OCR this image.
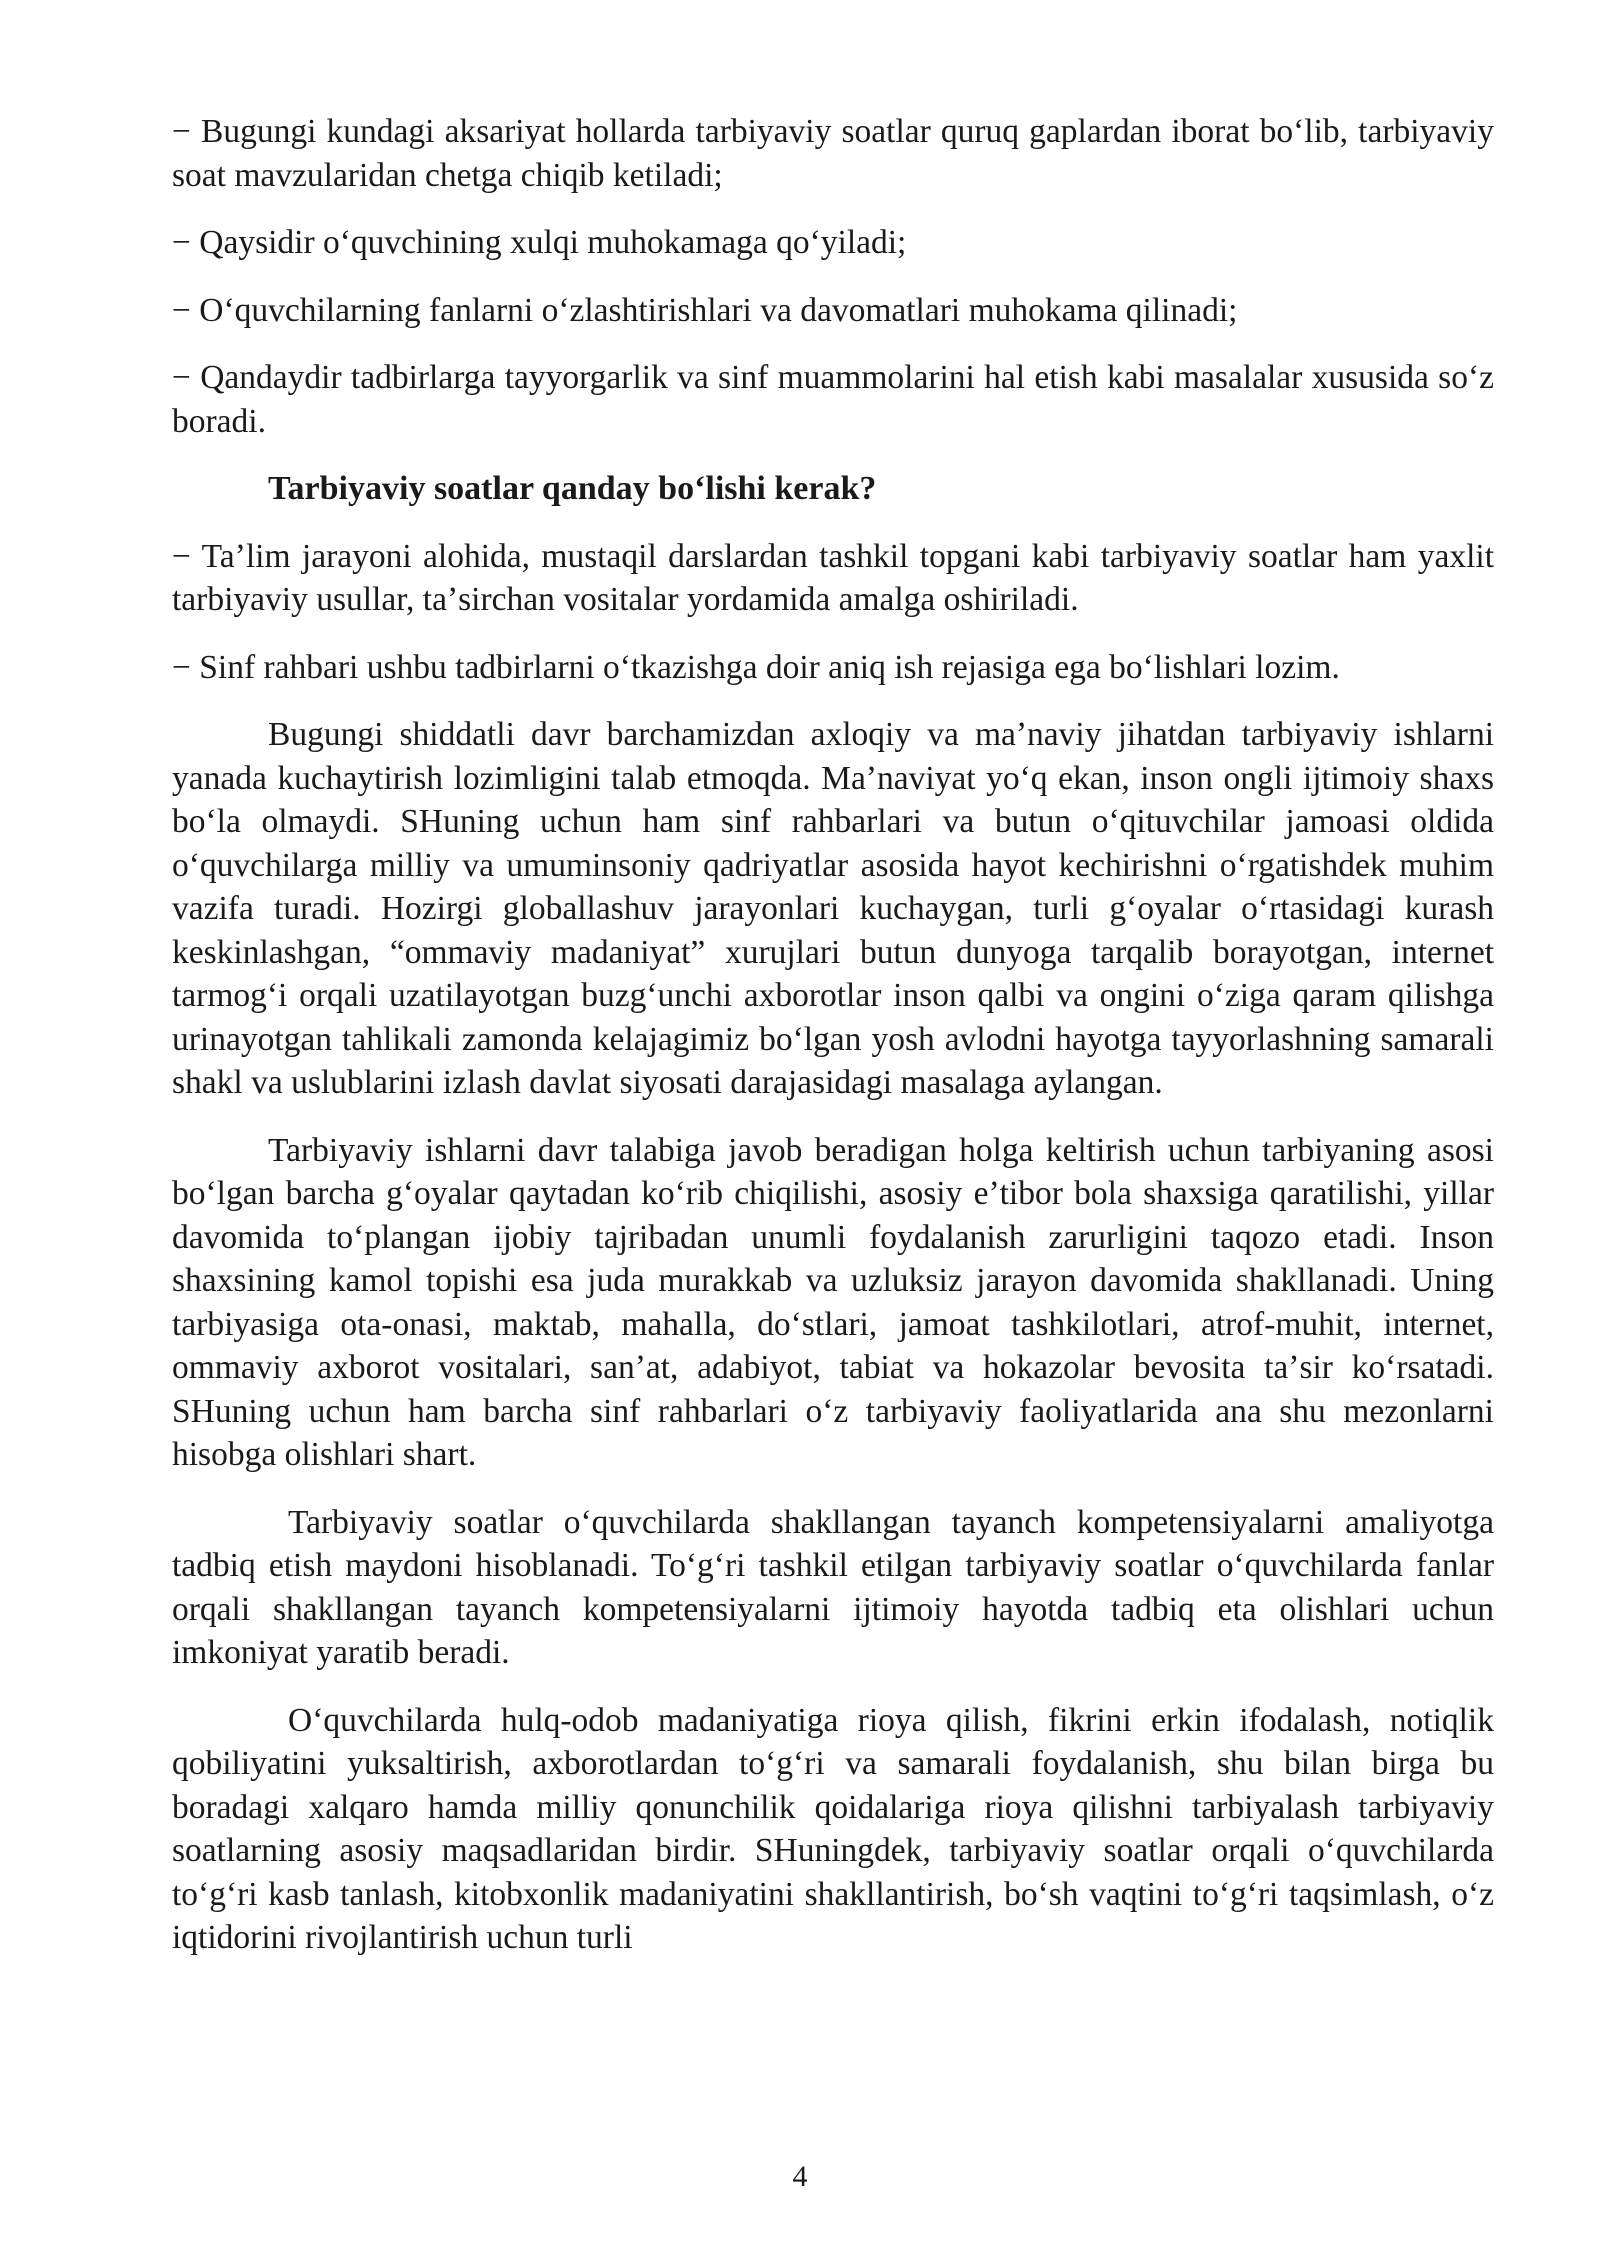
− Bugungi kundagi aksariyat hollarda tarbiyaviy soatlar quruq gaplardan iborat boʻlib, tarbiyaviy soat mavzularidan chetga chiqib ketiladi;

− Qaysidir oʻquvchining xulqi muhokamaga qoʻyiladi;

− Oʻquvchilarning fanlarni oʻzlashtirishlari va davomatlari muhokama qilinadi;

− Qandaydir tadbirlarga tayyorgarlik va sinf muammolarini hal etish kabi masalalar xususida soʻz boradi.

Tarbiyaviy soatlar qanday boʻlishi kerak?

− Taʼlim jarayoni alohida, mustaqil darslardan tashkil topgani kabi tarbiyaviy soatlar ham yaxlit tarbiyaviy usullar, taʼsirchan vositalar yordamida amalga oshiriladi.

− Sinf rahbari ushbu tadbirlarni oʻtkazishga doir aniq ish rejasiga ega boʻlishlari lozim.

Bugungi shiddatli davr barchamizdan axloqiy va maʼnaviy jihatdan tarbiyaviy ishlarni yanada kuchaytirish lozimligini talab etmoqda. Maʼnaviyat yoʻq ekan, inson ongli ijtimoiy shaxs boʻla olmaydi. SHuning uchun ham sinf rahbarlari va butun oʻqituvchilar jamoasi oldida oʻquvchilarga milliy va umuminsoniy qadriyatlar asosida hayot kechirishni oʻrgatishdek muhim vazifa turadi. Hozirgi globallashuv jarayonlari kuchaygan, turli gʻoyalar oʻrtasidagi kurash keskinlashgan, “ommaviy madaniyat” xurujlari butun dunyoga tarqalib borayotgan, internet tarmogʻi orqali uzatilayotgan buzgʻunchi axborotlar inson qalbi va ongini oʻziga qaram qilishga urinayotgan tahlikali zamonda kelajagimiz boʻlgan yosh avlodni hayotga tayyorlashning samarali shakl va uslublarini izlash davlat siyosati darajasidagi masalaga aylangan.

Tarbiyaviy ishlarni davr talabiga javob beradigan holga keltirish uchun tarbiyaning asosi boʻlgan barcha gʻoyalar qaytadan koʻrib chiqilishi, asosiy eʼtibor bola shaxsiga qaratilishi, yillar davomida toʻplangan ijobiy tajribadan unumli foydalanish zarurligini taqozo etadi. Inson shaxsining kamol topishi esa juda murakkab va uzluksiz jarayon davomida shakllanadi. Uning tarbiyasiga ota-onasi, maktab, mahalla, doʻstlari, jamoat tashkilotlari, atrof-muhit, internet, ommaviy axborot vositalari, sanʼat, adabiyot, tabiat va hokazolar bevosita taʼsir koʻrsatadi. SHuning uchun ham barcha sinf rahbarlari oʻz tarbiyaviy faoliyatlarida ana shu mezonlarni hisobga olishlari shart.

Tarbiyaviy soatlar oʻquvchilarda shakllangan tayanch kompetensiyalarni amaliyotga tadbiq etish maydoni hisoblanadi. Toʻgʻri tashkil etilgan tarbiyaviy soatlar oʻquvchilarda fanlar orqali shakllangan tayanch kompetensiyalarni ijtimoiy hayotda tadbiq eta olishlari uchun imkoniyat yaratib beradi.

Oʻquvchilarda hulq-odob madaniyatiga rioya qilish, fikrini erkin ifodalash, notiqlik qobiliyatini yuksaltirish, axborotlardan toʻgʻri va samarali foydalanish, shu bilan birga bu boradagi xalqaro hamda milliy qonunchilik qoidalariga rioya qilishni tarbiyalash tarbiyaviy soatlarning asosiy maqsadlaridan birdir. SHuningdek, tarbiyaviy soatlar orqali oʻquvchilarda toʻgʻri kasb tanlash, kitobxonlik madaniyatini shakllantirish, boʻsh vaqtini toʻgʻri taqsimlash, oʻz iqtidorini rivojlantirish uchun turli

4
